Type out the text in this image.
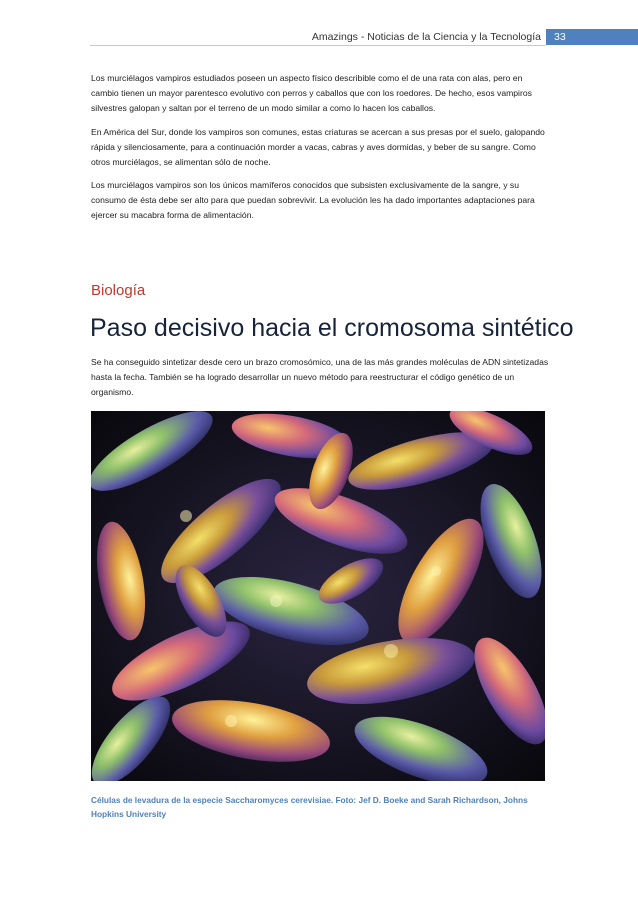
Amazings - Noticias de la Ciencia y la Tecnología	33

Los murciélagos vampiros estudiados poseen un aspecto físico describible como el de una rata con alas, pero en cambio tienen un mayor parentesco evolutivo con perros y caballos que con los roedores. De hecho, esos vampiros silvestres galopan y saltan por el terreno de un modo similar a como lo hacen los caballos.

En América del Sur, donde los vampiros son comunes, estas criaturas se acercan a sus presas por el suelo, galopando rápida y silenciosamente, para a continuación morder a vacas, cabras y aves dormidas, y beber de su sangre. Como otros murciélagos, se alimentan sólo de noche.

Los murciélagos vampiros son los únicos mamíferos conocidos que subsisten exclusivamente de la sangre, y su consumo de ésta debe ser alto para que puedan sobrevivir. La evolución les ha dado importantes adaptaciones para ejercer su macabra forma de alimentación.

Biología
Paso decisivo hacia el cromosoma sintético

Se ha conseguido sintetizar desde cero un brazo cromosómico, una de las más grandes moléculas de ADN sintetizadas hasta la fecha. También se ha logrado desarrollar un nuevo método para reestructurar el código genético de un organismo.

Células de levadura de la especie Saccharomyces cerevisiae. Foto: Jef D. Boeke and Sarah Richardson, Johns Hopkins University
